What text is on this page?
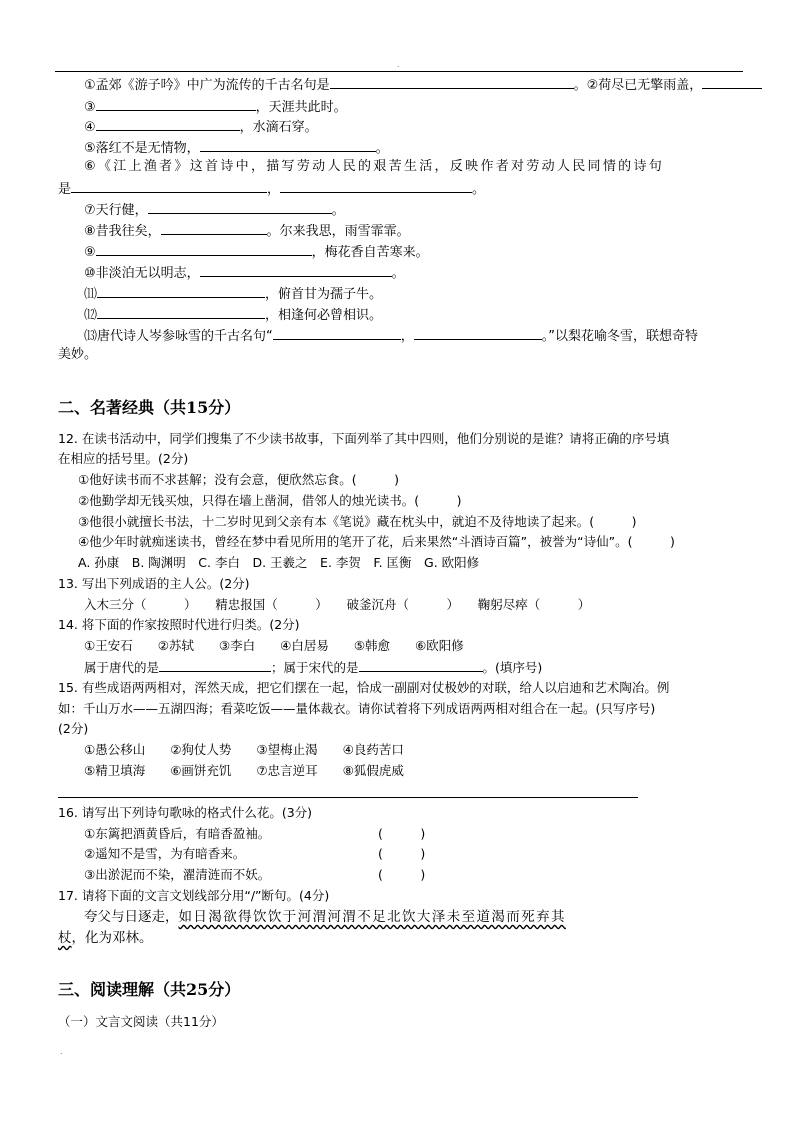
.
①孟郊《游子吟》中广为流传的千古名句是	。②荷尽已无擎雨盖，
③	，天涯共此时。
④	，水滴石穿。
⑤落红不是无情物，	。
⑥《江上渔者》这首诗中，描写劳动人民的艰苦生活，反映作者对劳动人民同情的诗句
是	，	。
⑦天行健，	。
⑧昔我往矣，	。尔来我思，雨雪霏霏。
⑨	，梅花香自苦寒来。
⑩非淡泊无以明志，	。
⑾	，俯首甘为孺子牛。
⑿	，相逢何必曾相识。
⒀唐代诗人岑参咏雪的千古名句“	，	。”以梨花喻冬雪，联想奇特
美妙。
二、名著经典（共15分）
12. 在读书活动中，同学们搜集了不少读书故事，下面列举了其中四则，他们分别说的是谁？请将正确的序号填
在相应的括号里。(2分)
①他好读书而不求甚解；没有会意，便欣然忘食。(　　　)
②他勤学却无钱买烛，只得在墙上凿洞，借邻人的烛光读书。(　　　)
③他很小就擅长书法，十二岁时见到父亲有本《笔说》藏在枕头中，就迫不及待地读了起来。(　　　)
④他少年时就痴迷读书，曾经在梦中看见所用的笔开了花，后来果然“斗酒诗百篇”，被誉为“诗仙”。(　　　)
A. 孙康　B. 陶渊明　C. 李白　D. 王羲之　E. 李贺　F. 匡衡　G. 欧阳修
13. 写出下列成语的主人公。(2分)
入木三分（　　　）　　精忠报国（　　　）　　破釜沉舟（　　　）　　鞠躬尽瘁（　　　）
14. 将下面的作家按照时代进行归类。(2分)
①王安石　　②苏轼　　③李白　　④白居易　　⑤韩愈　　⑥欧阳修
属于唐代的是	；属于宋代的是	。(填序号)
15. 有些成语两两相对，浑然天成，把它们摆在一起，恰成一副副对仗极妙的对联，给人以启迪和艺术陶冶。例
如：千山万水——五湖四海；看菜吃饭——量体裁衣。请你试着将下列成语两两相对组合在一起。(只写序号)
(2分)
①愚公移山　　②狗仗人势　　③望梅止渴　　④良药苦口
⑤精卫填海　　⑥画饼充饥　　⑦忠言逆耳　　⑧狐假虎威
16. 请写出下列诗句歌咏的格式什么花。(3分)
①东篱把酒黄昏后，有暗香盈袖。	(　　　)
②遥知不是雪，为有暗香来。	(　　　)
③出淤泥而不染，濯清涟而不妖。	(　　　)
17. 请将下面的文言文划线部分用“/”断句。(4分)
夸父与日逐走，如日渴欲得饮饮于河渭河渭不足北饮大泽未至道渴而死弃其
杖，化为邓林。
三、阅读理解（共25分）
（一）文言文阅读（共11分）
.
